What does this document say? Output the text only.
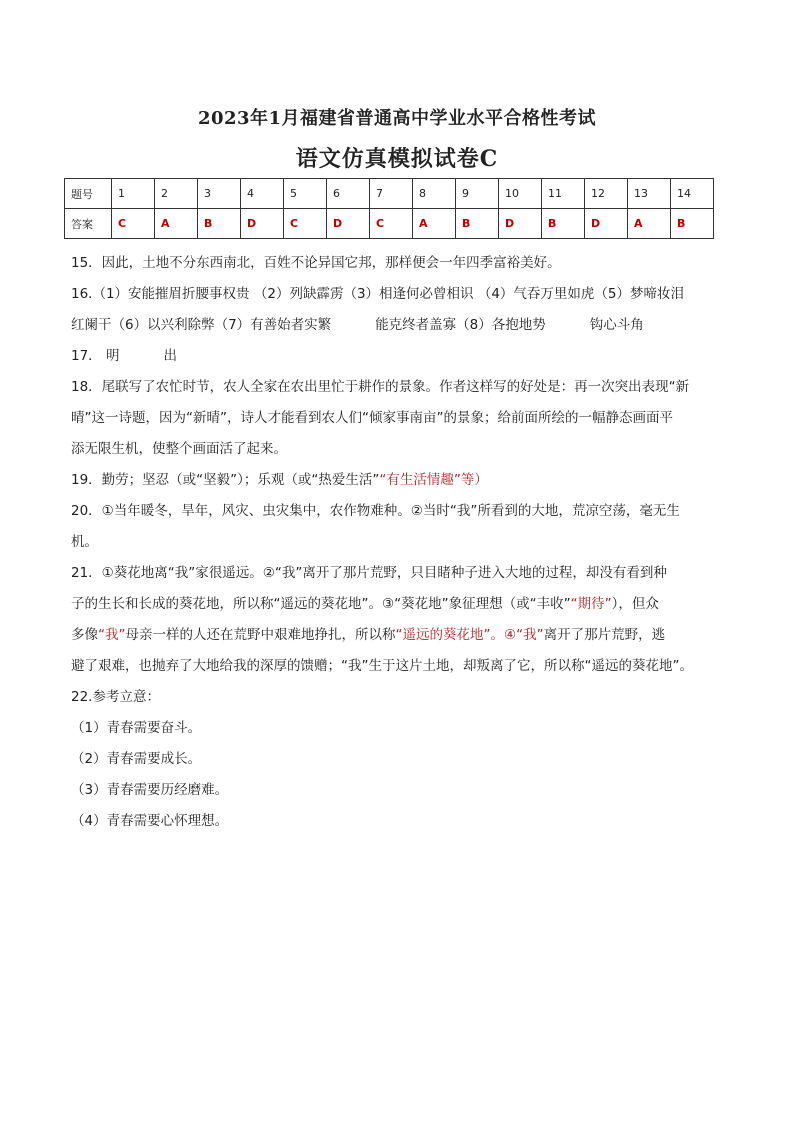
2023年1月福建省普通高中学业水平合格性考试
语文仿真模拟试卷C
题号	1	2	3	4	5	6	7	8	9	10	11	12	13	14
答案	C	A	B	D	C	D	C	A	B	D	B	D	A	B

15．因此，土地不分东西南北，百姓不论异国它邦，那样便会一年四季富裕美好。

16.（1）安能摧眉折腰事权贵 （2）列缺霹雳（3）相逢何必曾相识 （4）气吞万里如虎（5）梦啼妆泪

红阑干（6）以兴利除弊（7）有善始者实繁	能克终者盖寡（8）各抱地势	钩心斗角

17． 明	出

18．尾联写了农忙时节，农人全家在农出里忙于耕作的景象。作者这样写的好处是：再一次突出表现“新

晴”这一诗题，因为“新晴”，诗人才能看到农人们“倾家事南亩”的景象；给前面所绘的一幅静态画面平

添无限生机，使整个画面活了起来。

19．勤劳；坚忍（或“坚毅”）；乐观（或“热爱生活”“有生活情趣”等）

20．①当年暖冬，旱年，风灾、虫灾集中，农作物难种。②当时“我”所看到的大地，荒凉空荡，毫无生

机。

21．①葵花地离“我”家很遥远。②“我”离开了那片荒野，只目睹种子进入大地的过程，却没有看到种

子的生长和长成的葵花地，所以称“遥远的葵花地”。③“葵花地”象征理想（或“丰收”“期待”），但众

多像“我”母亲一样的人还在荒野中艰难地挣扎，所以称“遥远的葵花地”。④“我”离开了那片荒野，逃

避了艰难，也抛弃了大地给我的深厚的馈赠；“我”生于这片土地，却叛离了它，所以称“遥远的葵花地”。

22.参考立意：

（1）青春需要奋斗。

（2）青春需要成长。

（3）青春需要历经磨难。

（4）青春需要心怀理想。
